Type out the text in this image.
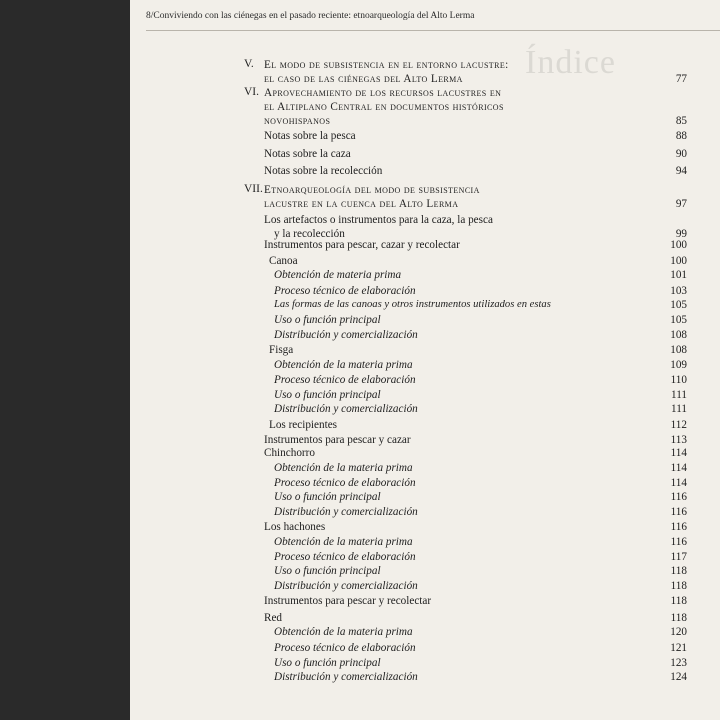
8/Conviviendo con las ciénegas en el pasado reciente: etnoarqueología del Alto Lerma
Índice
V. El modo de subsistencia en el entorno lacustre:
el caso de las ciénegas del Alto Lerma	77
VI. Aprovechamiento de los recursos lacustres en
el Altiplano Central en documentos históricos
novohispanos	85
Notas sobre la pesca	88
Notas sobre la caza	90
Notas sobre la recolección	94
VII. Etnoarqueología del modo de subsistencia
lacustre en la cuenca del Alto Lerma	97
Los artefactos o instrumentos para la caza, la pesca
y la recolección	99
Instrumentos para pescar, cazar y recolectar	100
Canoa	100
Obtención de materia prima	101
Proceso técnico de elaboración	103
Las formas de las canoas y otros instrumentos utilizados en estas	105
Uso o función principal	105
Distribución y comercialización	108
Fisga	108
Obtención de la materia prima	109
Proceso técnico de elaboración	110
Uso o función principal	111
Distribución y comercialización	111
Los recipientes	112
Instrumentos para pescar y cazar	113
Chinchorro	114
Obtención de la materia prima	114
Proceso técnico de elaboración	114
Uso o función principal	116
Distribución y comercialización	116
Los hachones	116
Obtención de la materia prima	116
Proceso técnico de elaboración	117
Uso o función principal	118
Distribución y comercialización	118
Instrumentos para pescar y recolectar	118
Red	118
Obtención de la materia prima	120
Proceso técnico de elaboración	121
Uso o función principal	123
Distribución y comercialización	124
